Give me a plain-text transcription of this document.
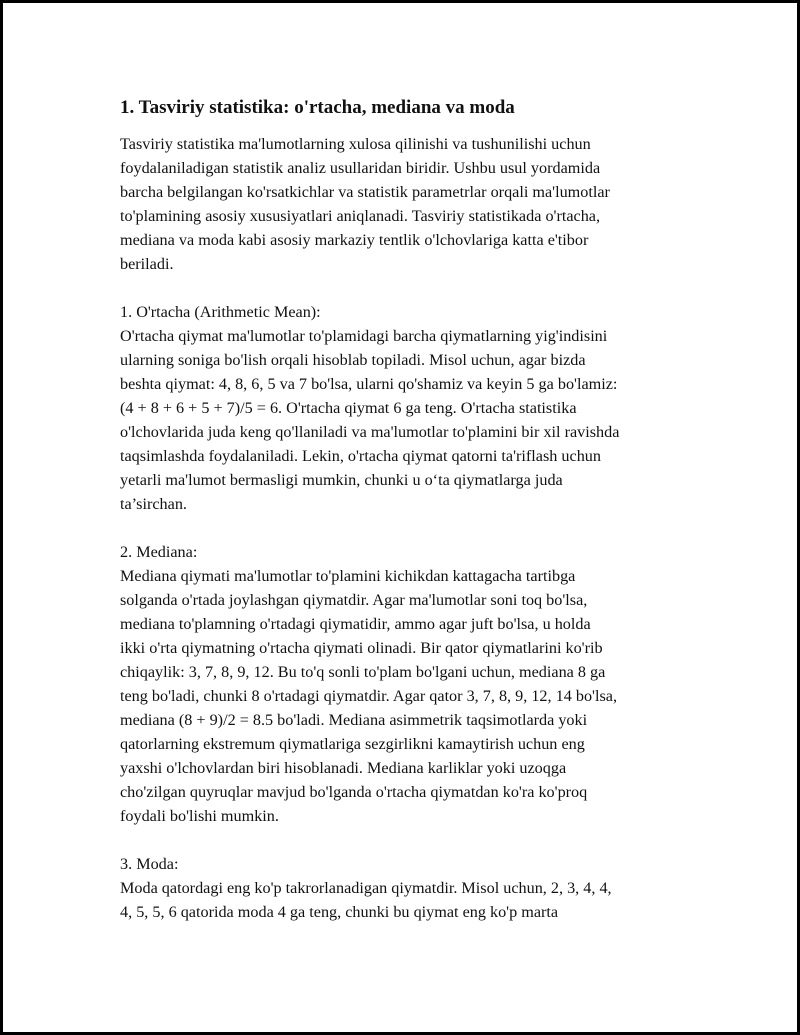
1. Tasviriy statistika: o'rtacha, mediana va moda

Tasviriy statistika ma'lumotlarning xulosa qilinishi va tushunilishi uchun
foydalaniladigan statistik analiz usullaridan biridir. Ushbu usul yordamida
barcha belgilangan ko'rsatkichlar va statistik parametrlar orqali ma'lumotlar
to'plamining asosiy xususiyatlari aniqlanadi. Tasviriy statistikada o'rtacha,
mediana va moda kabi asosiy markaziy tentlik o'lchovlariga katta e'tibor
beriladi.

1. O'rtacha (Arithmetic Mean):

O'rtacha qiymat ma'lumotlar to'plamidagi barcha qiymatlarning yig'indisini
ularning soniga bo'lish orqali hisoblab topiladi. Misol uchun, agar bizda
beshta qiymat: 4, 8, 6, 5 va 7 bo'lsa, ularni qo'shamiz va keyin 5 ga bo'lamiz:
(4 + 8 + 6 + 5 + 7)/5 = 6. O'rtacha qiymat 6 ga teng. O'rtacha statistika
o'lchovlarida juda keng qo'llaniladi va ma'lumotlar to'plamini bir xil ravishda
taqsimlashda foydalaniladi. Lekin, o'rtacha qiymat qatorni ta'riflash uchun
yetarli ma'lumot bermasligi mumkin, chunki u o‘ta qiymatlarga juda
ta’sirchan.

2. Mediana:

Mediana qiymati ma'lumotlar to'plamini kichikdan kattagacha tartibga
solganda o'rtada joylashgan qiymatdir. Agar ma'lumotlar soni toq bo'lsa,
mediana to'plamning o'rtadagi qiymatidir, ammo agar juft bo'lsa, u holda
ikki o'rta qiymatning o'rtacha qiymati olinadi. Bir qator qiymatlarini ko'rib
chiqaylik: 3, 7, 8, 9, 12. Bu to'q sonli to'plam bo'lgani uchun, mediana 8 ga
teng bo'ladi, chunki 8 o'rtadagi qiymatdir. Agar qator 3, 7, 8, 9, 12, 14 bo'lsa,
mediana (8 + 9)/2 = 8.5 bo'ladi. Mediana asimmetrik taqsimotlarda yoki
qatorlarning ekstremum qiymatlariga sezgirlikni kamaytirish uchun eng
yaxshi o'lchovlardan biri hisoblanadi. Mediana karliklar yoki uzoqga
cho'zilgan quyruqlar mavjud bo'lganda o'rtacha qiymatdan ko'ra ko'proq
foydali bo'lishi mumkin.

3. Moda:

Moda qatordagi eng ko'p takrorlanadigan qiymatdir. Misol uchun, 2, 3, 4, 4,
4, 5, 5, 6 qatorida moda 4 ga teng, chunki bu qiymat eng ko'p marta
